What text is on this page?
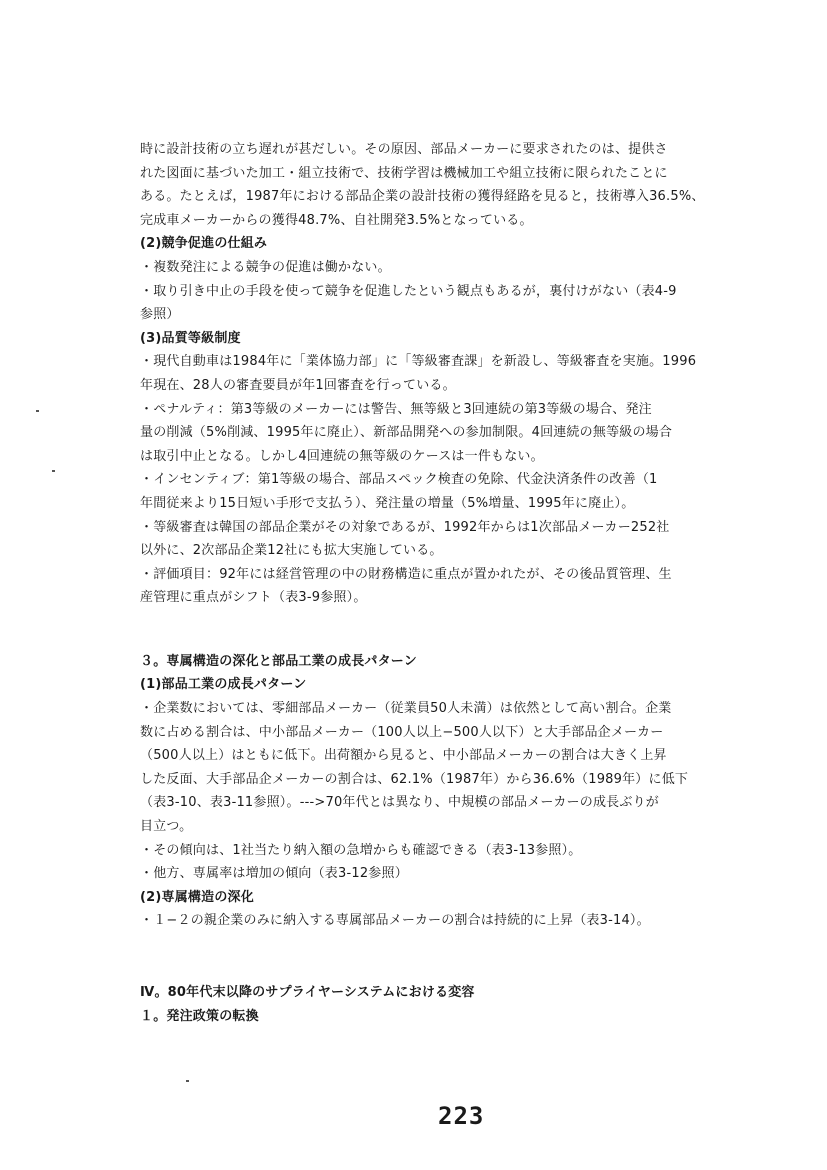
時に設計技術の立ち遅れが甚だしい。その原因、部品メーカーに要求されたのは、提供さ
れた図面に基づいた加工・組立技術で、技術学習は機械加工や組立技術に限られたことに
ある。たとえば，1987年における部品企業の設計技術の獲得経路を見ると，技術導入36.5%、
完成車メーカーからの獲得48.7%、自社開発3.5%となっている。
(2)競争促進の仕組み
・複数発注による競争の促進は働かない。
・取り引き中止の手段を使って競争を促進したという観点もあるが，裏付けがない（表4-9
参照）
(3)品質等級制度
・現代自動車は1984年に「業体協力部」に「等級審査課」を新設し、等級審査を実施。1996
年現在、28人の審査要員が年1回審査を行っている。
・ペナルティ：第3等級のメーカーには警告、無等級と3回連続の第3等級の場合、発注
量の削減（5%削減、1995年に廃止）、新部品開発への参加制限。4回連続の無等級の場合
は取引中止となる。しかし4回連続の無等級のケースは一件もない。
・インセンティブ：第1等級の場合、部品スペック検査の免除、代金決済条件の改善（1
年間従来より15日短い手形で支払う）、発注量の増量（5%増量、1995年に廃止）。
・等級審査は韓国の部品企業がその対象であるが、1992年からは1次部品メーカー252社
以外に、2次部品企業12社にも拡大実施している。
・評価項目：92年には経営管理の中の財務構造に重点が置かれたが、その後品質管理、生
産管理に重点がシフト（表3-9参照）。
３。専属構造の深化と部品工業の成長パターン
(1)部品工業の成長パターン
・企業数においては、零細部品メーカー（従業員50人未満）は依然として高い割合。企業
数に占める割合は、中小部品メーカー（100人以上−500人以下）と大手部品企メーカー
（500人以上）はともに低下。出荷額から見ると、中小部品メーカーの割合は大きく上昇
した反面、大手部品企メーカーの割合は、62.1%（1987年）から36.6%（1989年）に低下
（表3-10、表3-11参照）。--->70年代とは異なり、中規模の部品メーカーの成長ぶりが
目立つ。
・その傾向は、1社当たり納入額の急増からも確認できる（表3-13参照）。
・他方、専属率は増加の傾向（表3-12参照）
(2)専属構造の深化
・１−２の親企業のみに納入する専属部品メーカーの割合は持続的に上昇（表3-14）。
Ⅳ。80年代末以降のサプライヤーシステムにおける変容
１。発注政策の転換
223
